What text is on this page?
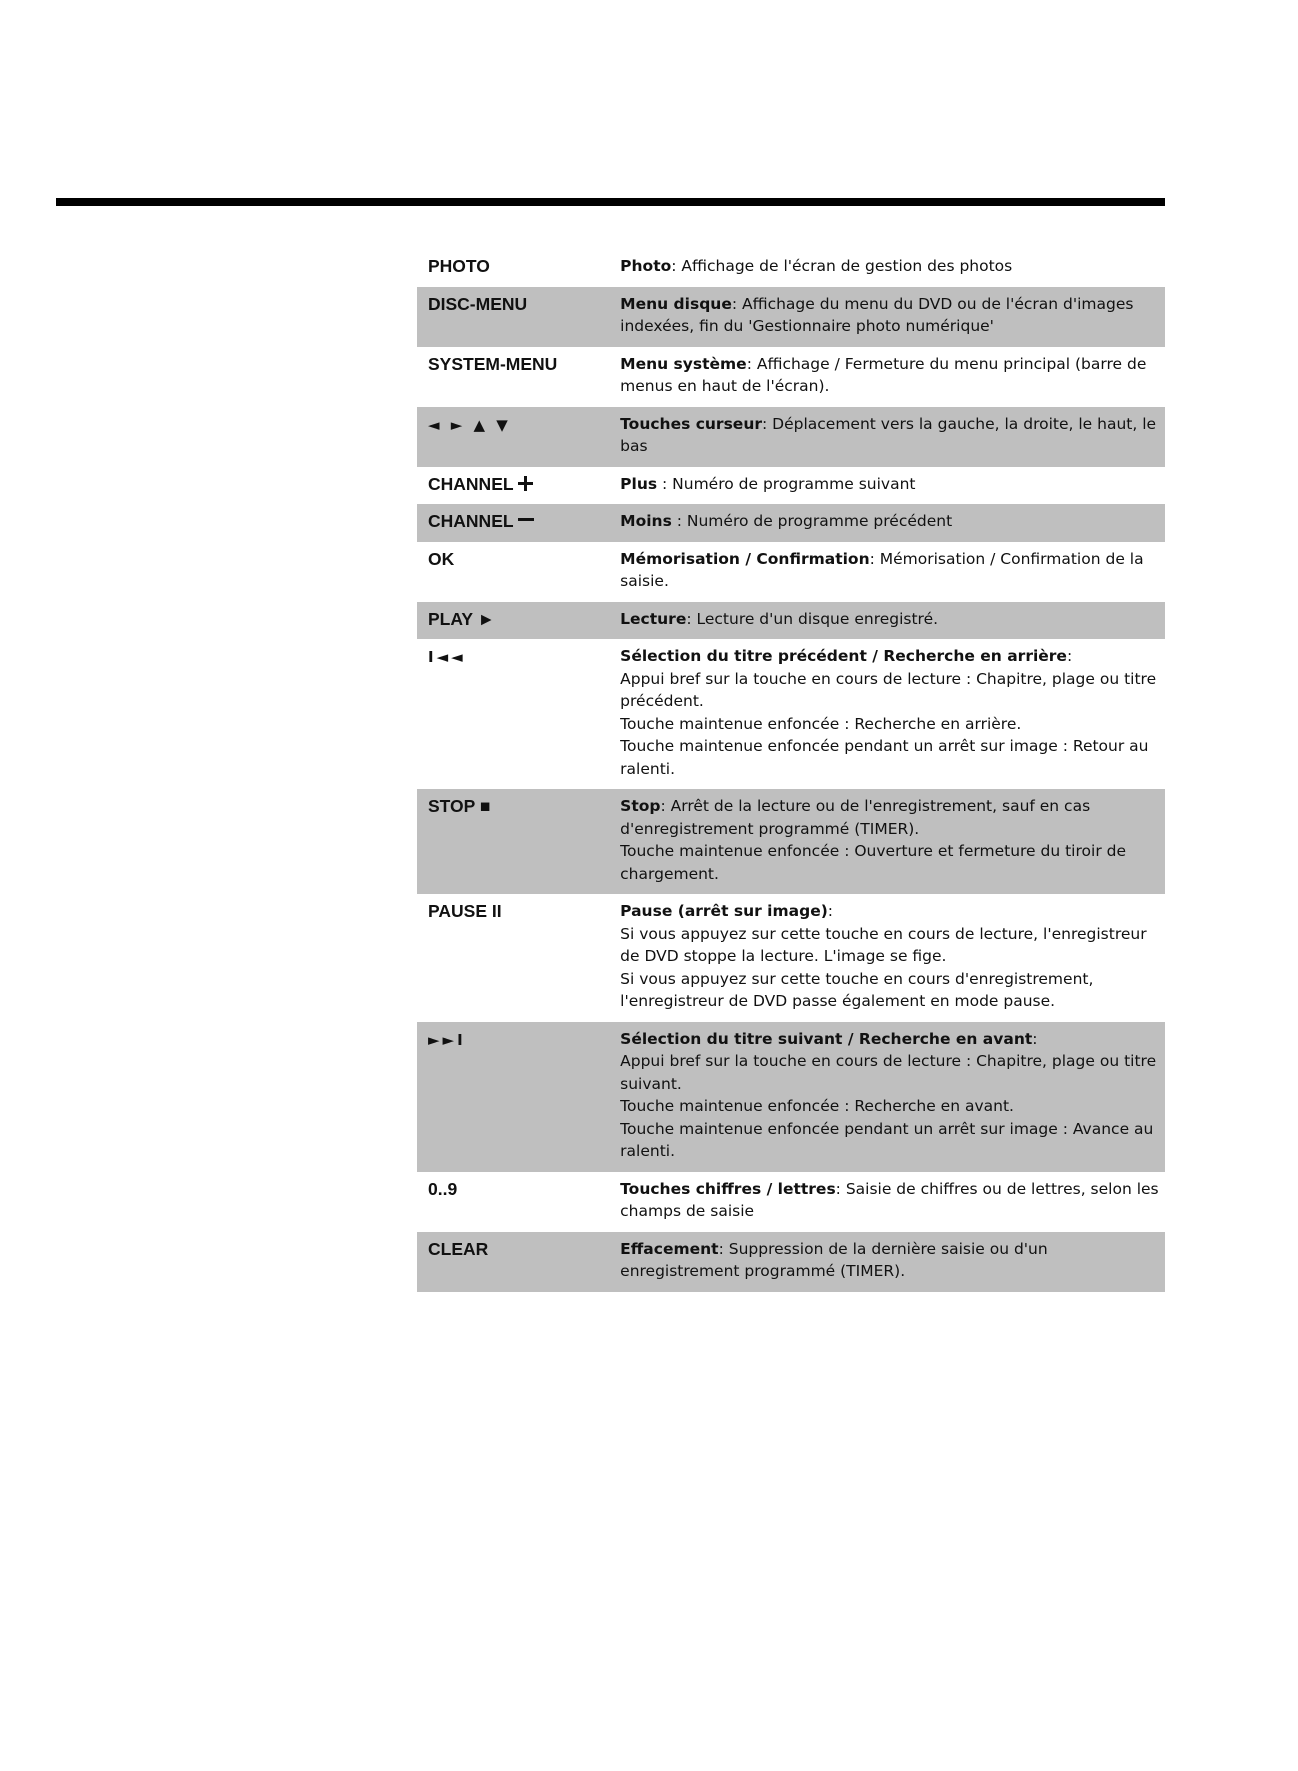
PHOTO	Photo: Affichage de l'écran de gestion des photos
DISC-MENU	Menu disque: Affichage du menu du DVD ou de l'écran d'images indexées, fin du 'Gestionnaire photo numérique'
SYSTEM-MENU	Menu système: Affichage / Fermeture du menu principal (barre de menus en haut de l'écran).
◄ ► ▲ ▼	Touches curseur: Déplacement vers la gauche, la droite, le haut, le bas
CHANNEL	Plus : Numéro de programme suivant
CHANNEL	Moins : Numéro de programme précédent
OK	Mémorisation / Confirmation: Mémorisation / Confirmation de la saisie.
PLAY ►	Lecture: Lecture d'un disque enregistré.
I◄◄	Sélection du titre précédent / Recherche en arrière:
Appui bref sur la touche en cours de lecture : Chapitre, plage ou titre précédent.
Touche maintenue enfoncée : Recherche en arrière.
Touche maintenue enfoncée pendant un arrêt sur image : Retour au ralenti.

STOP ■	Stop: Arrêt de la lecture ou de l'enregistrement, sauf en cas d'enregistrement programmé (TIMER).
Touche maintenue enfoncée : Ouverture et fermeture du tiroir de chargement.

PAUSE II	Pause (arrêt sur image):
Si vous appuyez sur cette touche en cours de lecture, l'enregistreur de DVD stoppe la lecture. L'image se fige.
Si vous appuyez sur cette touche en cours d'enregistrement, l'enregistreur de DVD passe également en mode pause.

►►I	Sélection du titre suivant / Recherche en avant:
Appui bref sur la touche en cours de lecture : Chapitre, plage ou titre suivant.
Touche maintenue enfoncée : Recherche en avant.
Touche maintenue enfoncée pendant un arrêt sur image : Avance au ralenti.

0..9	Touches chiffres / lettres: Saisie de chiffres ou de lettres, selon les champs de saisie
CLEAR	Effacement: Suppression de la dernière saisie ou d'un enregistrement programmé (TIMER).
